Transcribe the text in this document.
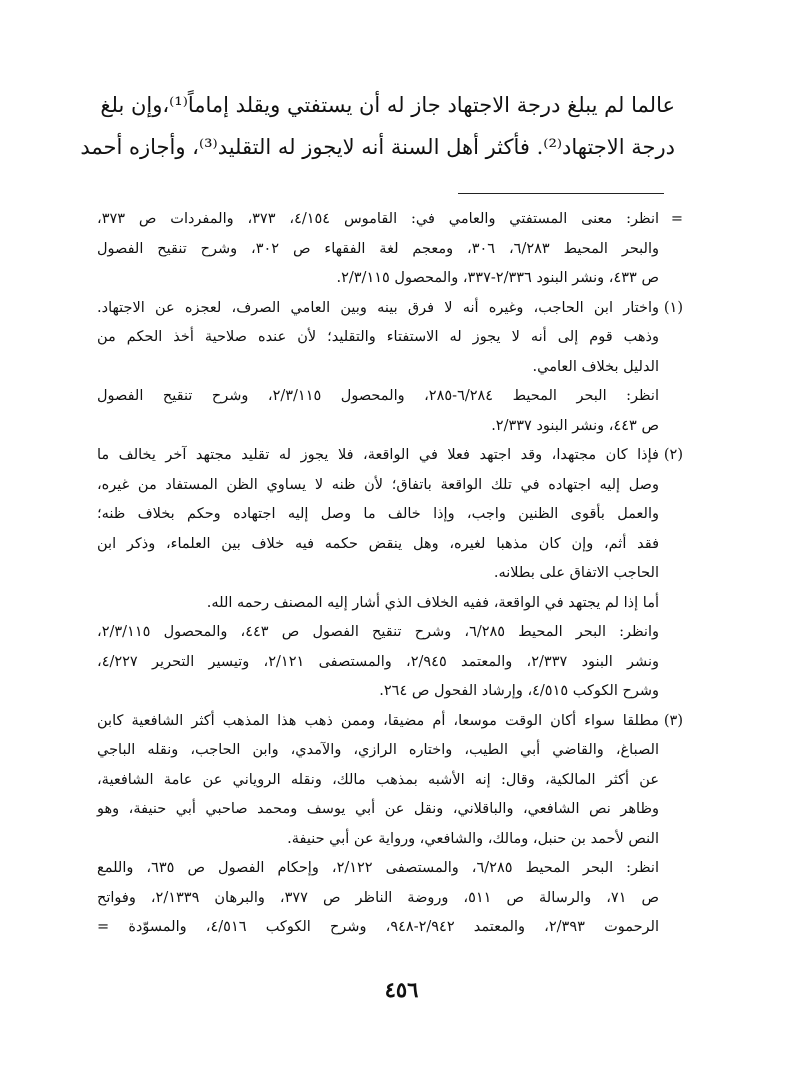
عالما لم يبلغ درجة الاجتهاد جاز له أن يستفتي ويقلد إماماً⁽¹⁾،وإن بلغ
درجة الاجتهاد⁽²⁾. فأكثر أهل السنة أنه لايجوز له التقليد⁽³⁾، وأجازه أحمد
=
انظر: معنى المستفتي والعامي في: القاموس ٤/١٥٤، ٣٧٣، والمفردات ص ٣٧٣،
والبحر المحيط ٦/٢٨٣، ٣٠٦، ومعجم لغة الفقهاء ص ٣٠٢، وشرح تنقيح الفصول
ص ٤٣٣، ونشر البنود ٢/٣٣٦-٣٣٧، والمحصول ٢/٣/١١٥.
(١)
واختار ابن الحاجب، وغيره أنه لا فرق بينه وبين العامي الصرف، لعجزه عن الاجتهاد.
وذهب قوم إلى أنه لا يجوز له الاستفتاء والتقليد؛ لأن عنده صلاحية أخذ الحكم من
الدليل بخلاف العامي.
انظر: البحر المحيط ٦/٢٨٤-٢٨٥، والمحصول ٢/٣/١١٥، وشرح تنقيح الفصول
ص ٤٤٣، ونشر البنود ٢/٣٣٧.
(٢)
فإذا كان مجتهدا، وقد اجتهد فعلا في الواقعة، فلا يجوز له تقليد مجتهد آخر يخالف ما
وصل إليه اجتهاده في تلك الواقعة باتفاق؛ لأن ظنه لا يساوي الظن المستفاد من غيره،
والعمل بأقوى الظنين واجب، وإذا خالف ما وصل إليه اجتهاده وحكم بخلاف ظنه؛
فقد أثم، وإن كان مذهبا لغيره، وهل ينقض حكمه فيه خلاف بين العلماء، وذكر ابن
الحاجب الاتفاق على بطلانه.
أما إذا لم يجتهد في الواقعة، ففيه الخلاف الذي أشار إليه المصنف رحمه الله.
وانظر: البحر المحيط ٦/٢٨٥، وشرح تنقيح الفصول ص ٤٤٣، والمحصول ٢/٣/١١٥،
ونشر البنود ٢/٣٣٧، والمعتمد ٢/٩٤٥، والمستصفى ٢/١٢١، وتيسير التحرير ٤/٢٢٧،
وشرح الكوكب ٤/٥١٥، وإرشاد الفحول ص ٢٦٤.
(٣)
مطلقا سواء أكان الوقت موسعا، أم مضيقا، وممن ذهب هذا المذهب أكثر الشافعية كابن
الصباغ، والقاضي أبي الطيب، واختاره الرازي، والآمدي، وابن الحاجب، ونقله الباجي
عن أكثر المالكية، وقال: إنه الأشبه بمذهب مالك، ونقله الروياني عن عامة الشافعية،
وظاهر نص الشافعي، والباقلاني، ونقل عن أبي يوسف ومحمد صاحبي أبي حنيفة، وهو
النص لأحمد بن حنبل، ومالك، والشافعي، ورواية عن أبي حنيفة.
انظر: البحر المحيط ٦/٢٨٥، والمستصفى ٢/١٢٢، وإحكام الفصول ص ٦٣٥، واللمع
ص ٧١، والرسالة ص ٥١١، وروضة الناظر ص ٣٧٧، والبرهان ٢/١٣٣٩، وفواتح
الرحموت ٢/٣٩٣، والمعتمد ٢/٩٤٢-٩٤٨، وشرح الكوكب ٤/٥١٦، والمسوّدة =
٤٥٦
